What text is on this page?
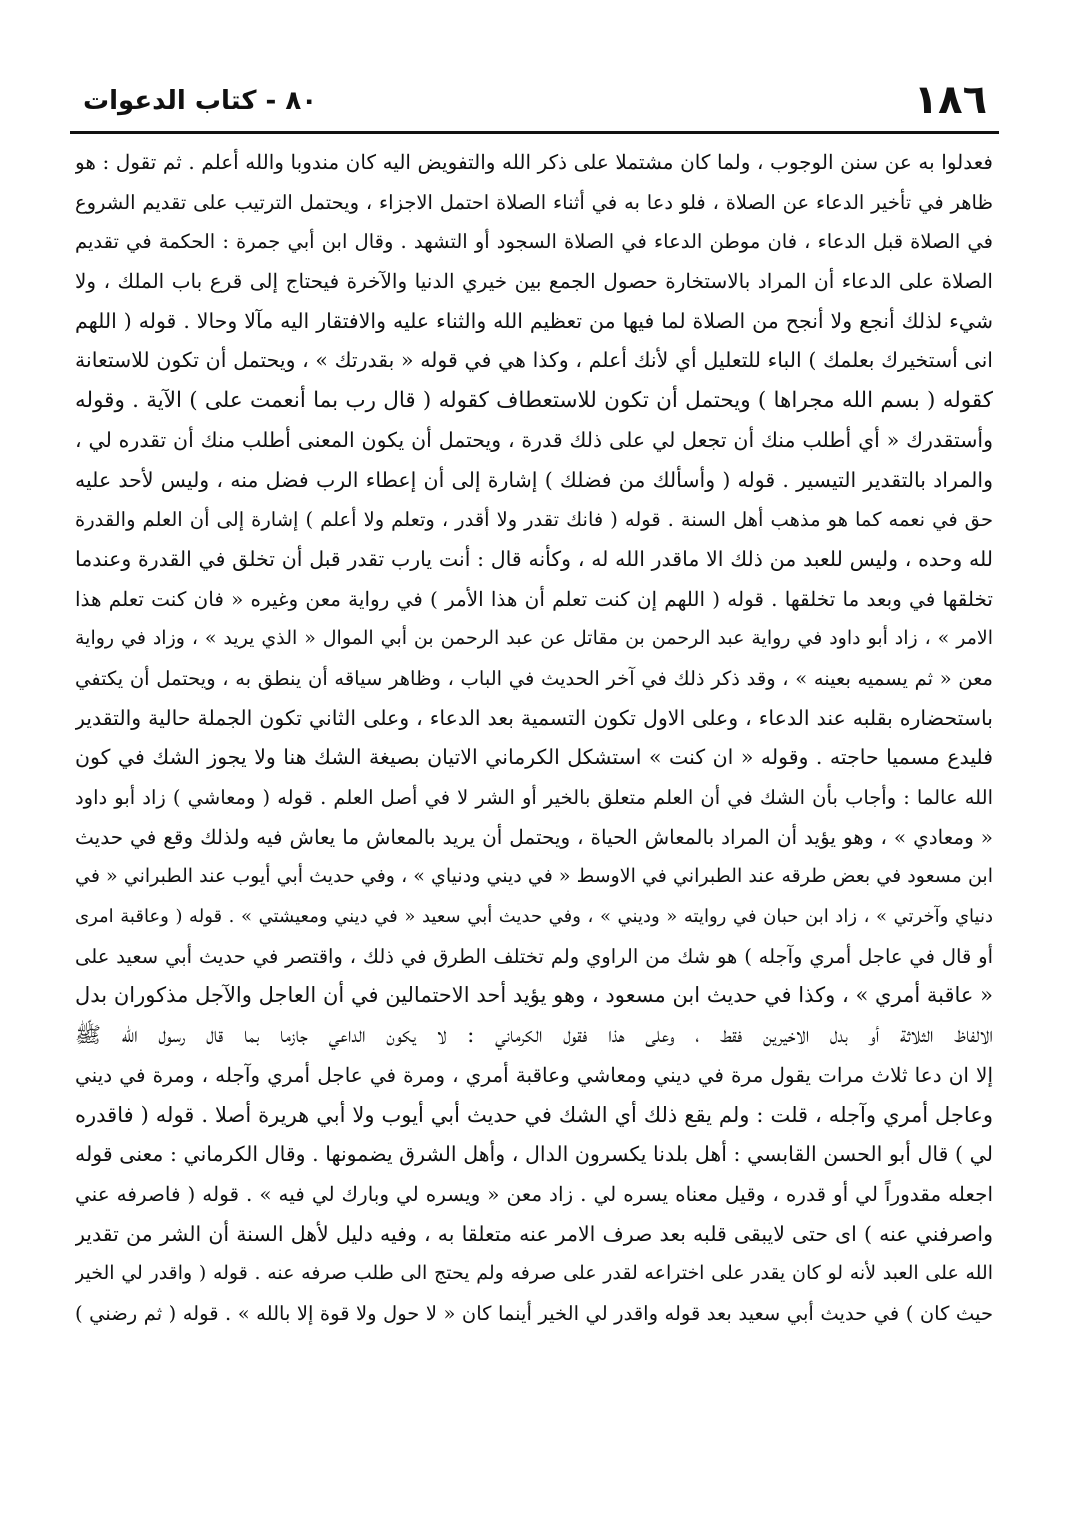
١٨٦
٨٠ - كتاب الدعوات
فعدلوا به عن سنن الوجوب ، ولما كان مشتملا على ذكر الله والتفويض اليه كان مندوبا والله أعلم . ثم تقول : هو
ظاهر في تأخير الدعاء عن الصلاة ، فلو دعا به في أثناء الصلاة احتمل الاجزاء ، ويحتمل الترتيب على تقديم الشروع
في الصلاة قبل الدعاء ، فان موطن الدعاء في الصلاة السجود أو التشهد . وقال ابن أبي جمرة : الحكمة في تقديم
الصلاة على الدعاء أن المراد بالاستخارة حصول الجمع بين خيري الدنيا والآخرة فيحتاج إلى قرع باب الملك ، ولا
شيء لذلك أنجع ولا أنجح من الصلاة لما فيها من تعظيم الله والثناء عليه والافتقار اليه مآلا وحالا . قوله ( اللهم
انى أستخيرك بعلمك ) الباء للتعليل أي لأنك أعلم ، وكذا هي في قوله « بقدرتك » ، ويحتمل أن تكون للاستعانة
كقوله ( بسم الله مجراها ) ويحتمل أن تكون للاستعطاف كقوله ( قال رب بما أنعمت على ) الآية . وقوله
وأستقدرك « أي أطلب منك أن تجعل لي على ذلك قدرة ، ويحتمل أن يكون المعنى أطلب منك أن تقدره لي ،
والمراد بالتقدير التيسير . قوله ( وأسألك من فضلك ) إشارة إلى أن إعطاء الرب فضل منه ، وليس لأحد عليه
حق في نعمه كما هو مذهب أهل السنة . قوله ( فانك تقدر ولا أقدر ، وتعلم ولا أعلم ) إشارة إلى أن العلم والقدرة
لله وحده ، وليس للعبد من ذلك الا ماقدر الله له ، وكأنه قال : أنت يارب تقدر قبل أن تخلق في القدرة وعندما
تخلقها في وبعد ما تخلقها . قوله ( اللهم إن كنت تعلم أن هذا الأمر ) في رواية معن وغيره « فان كنت تعلم هذا
الامر » ، زاد أبو داود في رواية عبد الرحمن بن مقاتل عن عبد الرحمن بن أبي الموال « الذي يريد » ، وزاد في رواية
معن « ثم يسميه بعينه » ، وقد ذكر ذلك في آخر الحديث في الباب ، وظاهر سياقه أن ينطق به ، ويحتمل أن يكتفي
باستحضاره بقلبه عند الدعاء ، وعلى الاول تكون التسمية بعد الدعاء ، وعلى الثاني تكون الجملة حالية والتقدير
فليدع مسميا حاجته . وقوله « ان كنت » استشكل الكرماني الاتيان بصيغة الشك هنا ولا يجوز الشك في كون
الله عالما : وأجاب بأن الشك في أن العلم متعلق بالخير أو الشر لا في أصل العلم . قوله ( ومعاشي ) زاد أبو داود
« ومعادي » ، وهو يؤيد أن المراد بالمعاش الحياة ، ويحتمل أن يريد بالمعاش ما يعاش فيه ولذلك وقع في حديث
ابن مسعود في بعض طرقه عند الطبراني في الاوسط « في ديني ودنياي » ، وفي حديث أبي أيوب عند الطبراني « في
دنياي وآخرتي » ، زاد ابن حبان في روايته « وديني » ، وفي حديث أبي سعيد « في ديني ومعيشتي » . قوله ( وعاقبة امرى
أو قال في عاجل أمري وآجله ) هو شك من الراوي ولم تختلف الطرق في ذلك ، واقتصر في حديث أبي سعيد على
« عاقبة أمري » ، وكذا في حديث ابن مسعود ، وهو يؤيد أحد الاحتمالين في أن العاجل والآجل مذكوران بدل
الالفاظ الثلاثة أو بدل الاخيرين فقط ، وعلى هذا فقول الكرماني : لا يكون الداعي جازما بما قال رسول الله ﷺ
إلا ان دعا ثلاث مرات يقول مرة في ديني ومعاشي وعاقبة أمري ، ومرة في عاجل أمري وآجله ، ومرة في ديني
وعاجل أمري وآجله ، قلت : ولم يقع ذلك أي الشك في حديث أبي أيوب ولا أبي هريرة أصلا . قوله ( فاقدره
لي ) قال أبو الحسن القابسي : أهل بلدنا يكسرون الدال ، وأهل الشرق يضمونها . وقال الكرماني : معنى قوله
اجعله مقدوراً لي أو قدره ، وقيل معناه يسره لي . زاد معن « ويسره لي وبارك لي فيه » . قوله ( فاصرفه عني
واصرفني عنه ) اى حتى لايبقى قلبه بعد صرف الامر عنه متعلقا به ، وفيه دليل لأهل السنة أن الشر من تقدير
الله على العبد لأنه لو كان يقدر على اختراعه لقدر على صرفه ولم يحتج الى طلب صرفه عنه . قوله ( واقدر لي الخير
حيث كان ) في حديث أبي سعيد بعد قوله واقدر لي الخير أينما كان « لا حول ولا قوة إلا بالله » . قوله ( ثم رضني )
